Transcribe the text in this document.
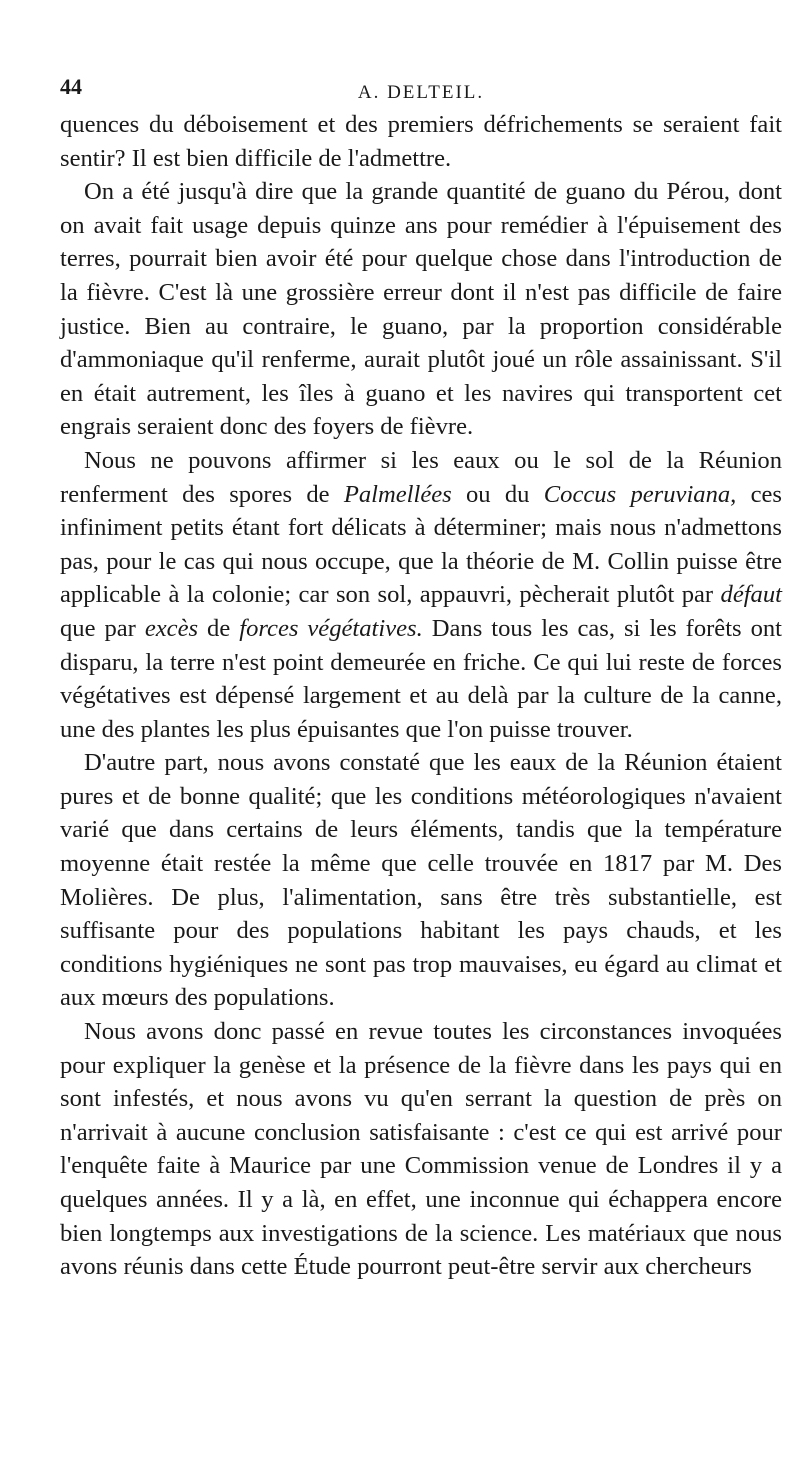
44	A. DELTEIL.

quences du déboisement et des premiers défrichements se seraient fait sentir? Il est bien difficile de l'admettre.

On a été jusqu'à dire que la grande quantité de guano du Pérou, dont on avait fait usage depuis quinze ans pour remédier à l'épuisement des terres, pourrait bien avoir été pour quelque chose dans l'introduction de la fièvre. C'est là une grossière erreur dont il n'est pas difficile de faire justice. Bien au contraire, le guano, par la proportion considérable d'ammoniaque qu'il renferme, aurait plutôt joué un rôle assainissant. S'il en était autrement, les îles à guano et les navires qui transportent cet engrais seraient donc des foyers de fièvre.

Nous ne pouvons affirmer si les eaux ou le sol de la Réunion renferment des spores de Palmellées ou du Coccus peruviana, ces infiniment petits étant fort délicats à déterminer; mais nous n'admettons pas, pour le cas qui nous occupe, que la théorie de M. Collin puisse être applicable à la colonie; car son sol, appauvri, pècherait plutôt par défaut que par excès de forces végétatives. Dans tous les cas, si les forêts ont disparu, la terre n'est point demeurée en friche. Ce qui lui reste de forces végétatives est dépensé largement et au delà par la culture de la canne, une des plantes les plus épuisantes que l'on puisse trouver.

D'autre part, nous avons constaté que les eaux de la Réunion étaient pures et de bonne qualité; que les conditions météorologiques n'avaient varié que dans certains de leurs éléments, tandis que la température moyenne était restée la même que celle trouvée en 1817 par M. Des Molières. De plus, l'alimentation, sans être très substantielle, est suffisante pour des populations habitant les pays chauds, et les conditions hygiéniques ne sont pas trop mauvaises, eu égard au climat et aux mœurs des populations.

Nous avons donc passé en revue toutes les circonstances invoquées pour expliquer la genèse et la présence de la fièvre dans les pays qui en sont infestés, et nous avons vu qu'en serrant la question de près on n'arrivait à aucune conclusion satisfaisante : c'est ce qui est arrivé pour l'enquête faite à Maurice par une Commission venue de Londres il y a quelques années. Il y a là, en effet, une inconnue qui échappera encore bien longtemps aux investigations de la science. Les matériaux que nous avons réunis dans cette Étude pourront peut-être servir aux chercheurs
